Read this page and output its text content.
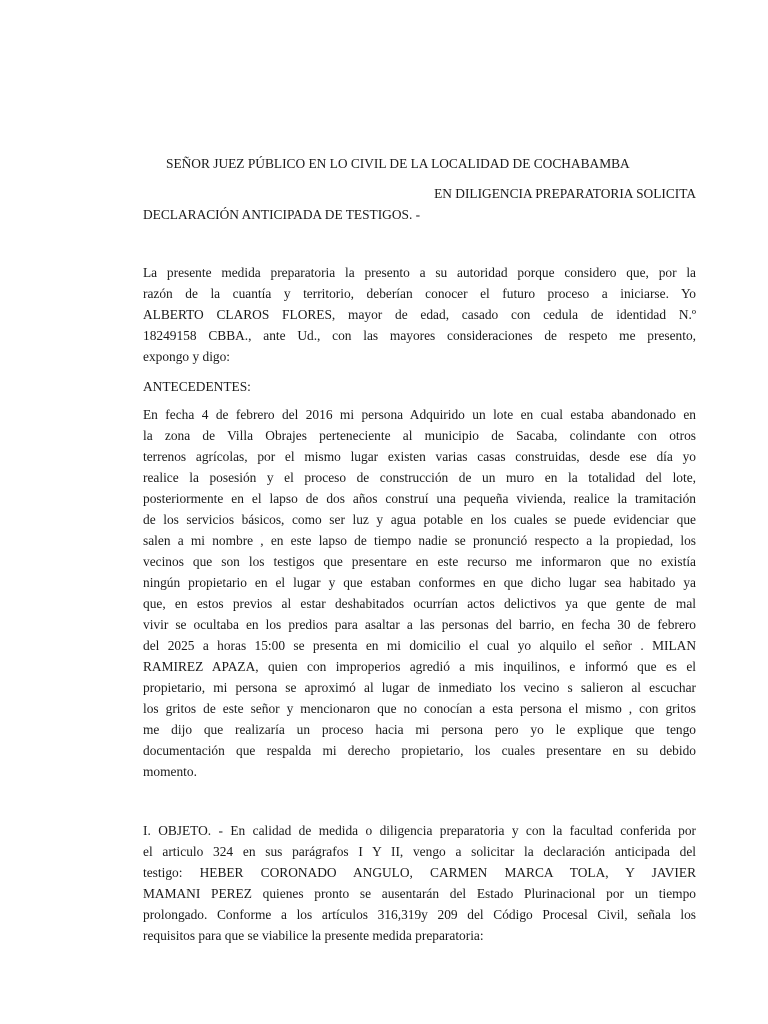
SEÑOR JUEZ PÚBLICO EN LO CIVIL DE LA LOCALIDAD DE COCHABAMBA
EN DILIGENCIA PREPARATORIA SOLICITA
DECLARACIÓN ANTICIPADA DE TESTIGOS. -
La presente medida preparatoria la presento a su autoridad porque considero que, por la
razón de la cuantía y territorio, deberían conocer el futuro proceso a iniciarse. Yo
ALBERTO CLAROS FLORES, mayor de edad, casado con cedula de identidad N.º
18249158 CBBA., ante Ud., con las mayores consideraciones de respeto me presento,
expongo y digo:
ANTECEDENTES:
En fecha 4 de febrero del 2016 mi persona Adquirido un lote en cual estaba abandonado en
la zona de Villa Obrajes perteneciente al municipio de Sacaba, colindante con otros
terrenos agrícolas, por el mismo lugar existen varias casas construidas, desde ese día yo
realice la posesión y el proceso de construcción de un muro en la totalidad del lote,
posteriormente en el lapso de dos años construí una pequeña vivienda, realice la tramitación
de los servicios básicos, como ser luz y agua potable en los cuales se puede evidenciar que
salen a mi nombre , en este lapso de tiempo nadie se pronunció respecto a la propiedad, los
vecinos que son los testigos que presentare en este recurso me informaron que no existía
ningún propietario en el lugar y que estaban conformes en que dicho lugar sea habitado ya
que, en estos previos al estar deshabitados ocurrían actos delictivos ya que gente de mal
vivir se ocultaba en los predios para asaltar a las personas del barrio, en fecha 30 de febrero
del 2025 a horas 15:00 se presenta en mi domicilio el cual yo alquilo el señor . MILAN
RAMIREZ APAZA, quien con improperios agredió a mis inquilinos, e informó que es el
propietario, mi persona se aproximó al lugar de inmediato los vecino s salieron al escuchar
los gritos de este señor y mencionaron que no conocían a esta persona el mismo , con gritos
me dijo que realizaría un proceso hacia mi persona pero yo le explique que tengo
documentación que respalda mi derecho propietario, los cuales presentare en su debido
momento.
I. OBJETO. - En calidad de medida o diligencia preparatoria y con la facultad conferida por
el articulo 324 en sus parágrafos I Y II, vengo a solicitar la declaración anticipada del
testigo: HEBER CORONADO ANGULO, CARMEN MARCA TOLA, Y JAVIER
MAMANI PEREZ quienes pronto se ausentarán del Estado Plurinacional por un tiempo
prolongado. Conforme a los artículos 316,319y 209 del Código Procesal Civil, señala los
requisitos para que se viabilice la presente medida preparatoria:
